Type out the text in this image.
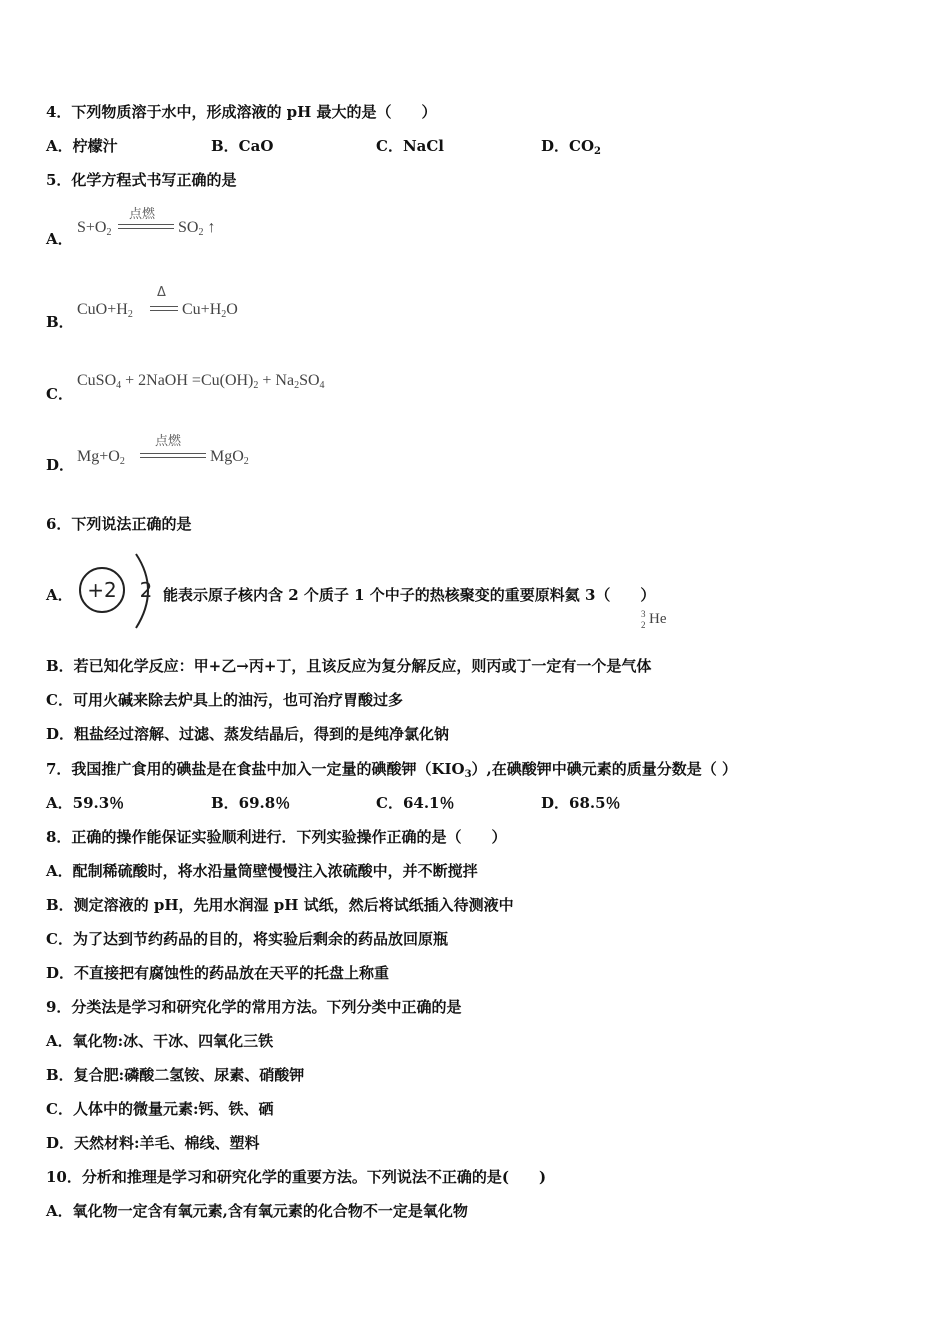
4．下列物质溶于水中，形成溶液的 pH 最大的是（　　）
A．柠檬汁	B．CaO	C．NaCl	D．$CO_2$
5．化学方程式书写正确的是
A．
$S+O_2$
点燃
$SO_2$ ↑
B．
$CuO+H_2$
Δ
$Cu+H_2O$
C．
CuSO$_4$ + 2NaOH $=Cu(OH)_2 + Na_2SO_4$
D． $Mg+O_2$
点燃
MgO$_2$
6．下列说法正确的是
A． +2 2 能表示原子核内含 2 个质子 1 个中子的热核聚变的重要原料氦 3（　　）
3
2 He
B．若已知化学反应：甲+乙→丙+丁，且该反应为复分解反应，则丙或丁一定有一个是气体
C．可用火碱来除去炉具上的油污，也可治疗胃酸过多
D．粗盐经过溶解、过滤、蒸发结晶后，得到的是纯净氯化钠
7．我国推广食用的碘盐是在食盐中加入一定量的碘酸钾$(KIO_3)$,在碘酸钾中碘元素的质量分数是（ ）
A．59.3％	B．69.8％	C．64.1％	D．68.5％
8．正确的操作能保证实验顺利进行．下列实验操作正确的是（　　）
A．配制稀硫酸时，将水沿量筒壁慢慢注入浓硫酸中，并不断搅拌
B．测定溶液的 pH，先用水润湿 pH 试纸，然后将试纸插入待测液中
C．为了达到节约药品的目的，将实验后剩余的药品放回原瓶
D．不直接把有腐蚀性的药品放在天平的托盘上称重
9．分类法是学习和研究化学的常用方法。下列分类中正确的是
A．氧化物:冰、干冰、四氧化三铁
B．复合肥:磷酸二氢铵、尿素、硝酸钾
C．人体中的微量元素:钙、铁、硒
D．天然材料:羊毛、棉线、塑料
10．分析和推理是学习和研究化学的重要方法。下列说法不正确的是(　　)
A．氧化物一定含有氧元素,含有氧元素的化合物不一定是氧化物
